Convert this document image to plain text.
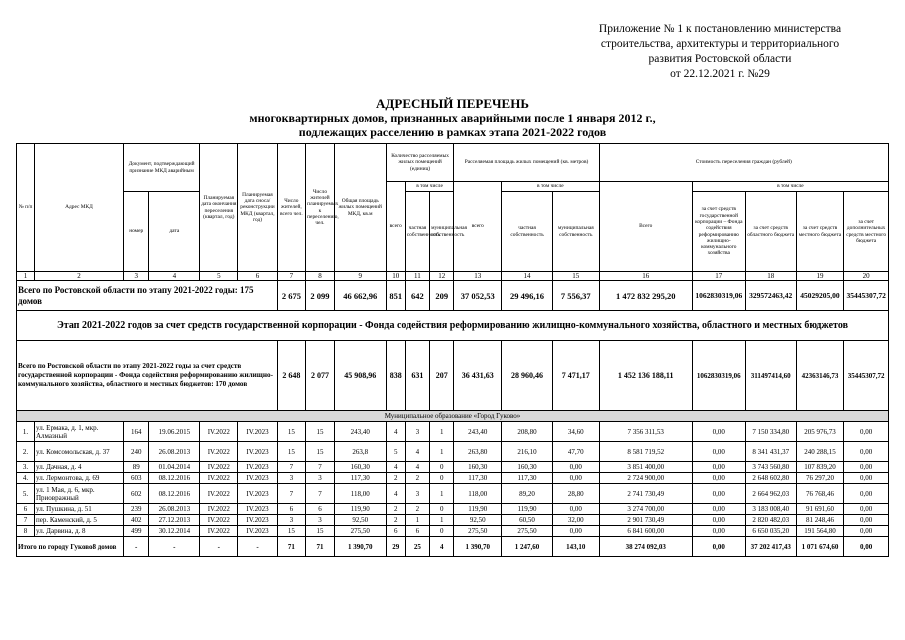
Приложение № 1 к постановлению министерства
строительства, архитектуры и территориального
развития Ростовской области
от 22.12.2021 г. №29
АДРЕСНЫЙ ПЕРЕЧЕНЬ
многоквартирных домов, признанных аварийными после 1 января 2012 г.,
подлежащих расселению в рамках этапа 2021-2022 годов
№ п/п	Адрес МКД	Документ, подтверждающий признание МКД аварийным		Планируемая дата окончания переселения (квартал, год)	Планируемая дата сноса/реконструкции МКД (квартал, год)	Число жителей, всего чел.	Число жителей планируемых к переселению, чел.	Общая площадь жилых помещений МКД, кв.м	Количество расселяемых жилых помещений (единиц)			Расселяемая площадь жилых помещений (кв. метров)			Стоимость переселения граждан (рублей)				
									всего	в том числе		всего	в том числе		Всего	в том числе			
		номер	дата							частная собственность	муниципальная собственность		частная собственность	муниципальная собственность		за счет средств государственной корпорации – Фонда содействия реформированию жилищно-коммунального хозяйства	за счет средств областного бюджета	за счет средств местного бюджета	за счет дополнительных средств местного бюджета

1	2	3	4	5	6	7	8	9	10	11	12	13	14	15	16	17	18	19	20
Всего по Ростовской области по этапу 2021-2022 годы: 175 домов						2 675	2 099	46 662,96	851	642	209	37 052,53	29 496,16	7 556,37	1 472 832 295,20	1062830319,06	329572463,42	45029205,00	35445307,72
Этап 2021-2022 годов за счет средств государственной корпорации - Фонда содействия реформированию жилищно-коммунального хозяйства, областного и местных бюджетов																			
Всего по Ростовской области по этапу 2021-2022 годы за счет средств государственной корпорации - Фонда содействия реформированию жилищно-коммунального хозяйства, областного и местных бюджетов: 170 домов						2 648	2 077	45 908,96	838	631	207	36 431,63	28 960,46	7 471,17	1 452 136 188,11	1062830319,06	311497414,60	42363146,73	35445307,72
Муниципальное образование «Город Гуково»																			
1.	ул. Ермака, д. 1, мкр. Алмазный	164	19.06.2015	IV.2022	IV.2023	15	15	243,40	4	3	1	243,40	208,80	34,60	7 356 311,53	0,00	7 150 334,80	205 976,73	0,00
2.	ул. Комсомольская, д. 37	240	26.08.2013	IV.2022	IV.2023	15	15	263,8	5	4	1	263,80	216,10	47,70	8 581 719,52	0,00	8 341 431,37	240 288,15	0,00
3.	ул. Дачная, д. 4	89	01.04.2014	IV.2022	IV.2023	7	7	160,30	4	4	0	160,30	160,30	0,00	3 851 400,00	0,00	3 743 560,80	107 839,20	0,00
4.	ул. Лермонтова, д. 69	603	08.12.2016	IV.2022	IV.2023	3	3	117,30	2	2	0	117,30	117,30	0,00	2 724 900,00	0,00	2 648 602,80	76 297,20	0,00
5.	ул. 1 Мая, д. 6, мкр. Приовражный	602	08.12.2016	IV.2022	IV.2023	7	7	118,00	4	3	1	118,00	89,20	28,80	2 741 730,49	0,00	2 664 962,03	76 768,46	0,00
6	ул. Пушкина, д. 51	239	26.08.2013	IV.2022	IV.2023	6	6	119,90	2	2	0	119,90	119,90	0,00	3 274 700,00	0,00	3 183 008,40	91 691,60	0,00
7	пер. Каменский, д. 5	402	27.12.2013	IV.2022	IV.2023	3	3	92,50	2	1	1	92,50	60,50	32,00	2 901 730,49	0,00	2 820 482,03	81 248,46	0,00
8	ул. Дарвина, д. 8	499	30.12.2014	IV.2022	IV.2023	15	15	275,50	6	6	0	275,50	275,50	0,00	6 841 600,00	0,00	6 650 035,20	191 564,80	0,00
Итого по городу Гуково8 домов		-	-	-	-	71	71	1 390,70	29	25	4	1 390,70	1 247,60	143,10	38 274 092,03	0,00	37 202 417,43	1 071 674,60	0,00
